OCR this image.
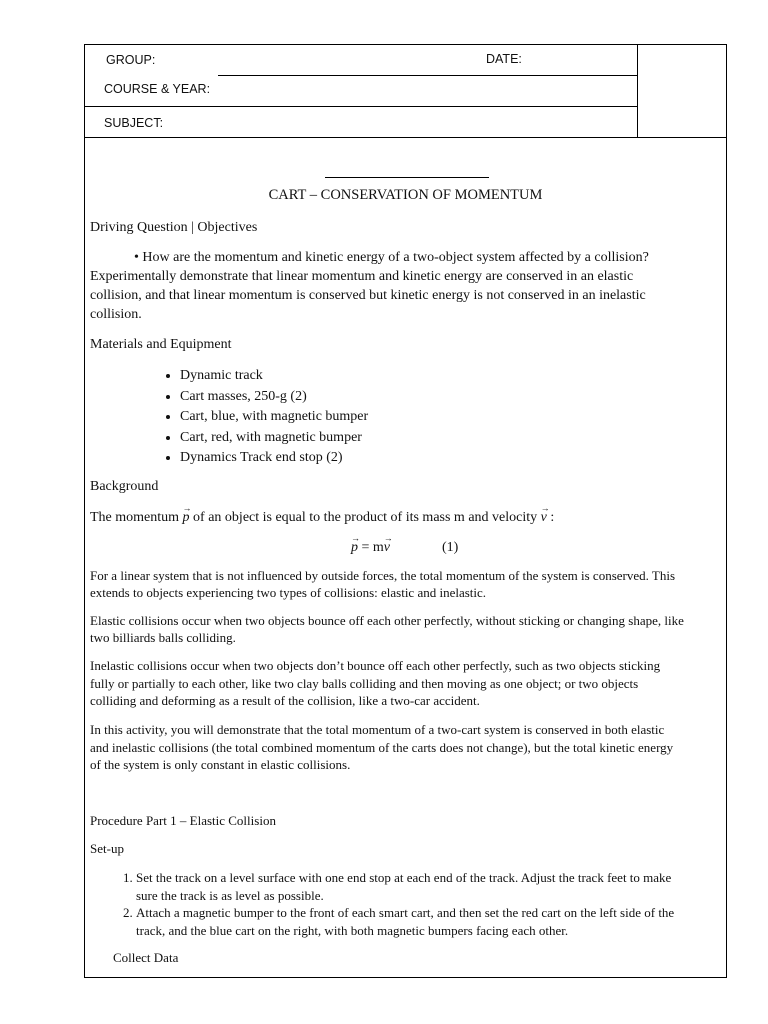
GROUP:	DATE:
COURSE & YEAR:
SUBJECT:
CART – CONSERVATION OF MOMENTUM
Driving Question | Objectives
• How are the momentum and kinetic energy of a two-object system affected by a collision?
Experimentally demonstrate that linear momentum and kinetic energy are conserved in an elastic
collision, and that linear momentum is conserved but kinetic energy is not conserved in an inelastic
collision.
Materials and Equipment
• Dynamic track
• Cart masses, 250-g (2)
• Cart, blue, with magnetic bumper
• Cart, red, with magnetic bumper
• Dynamics Track end stop (2)
Background
The momentum → p of an object is equal to the product of its mass m and velocity → v :
→ p = m→ v	(1)
For a linear system that is not influenced by outside forces, the total momentum of the system is conserved. This
extends to objects experiencing two types of collisions: elastic and inelastic.
Elastic collisions occur when two objects bounce off each other perfectly, without sticking or changing shape, like
two billiards balls colliding.
Inelastic collisions occur when two objects don’t bounce off each other perfectly, such as two objects sticking
fully or partially to each other, like two clay balls colliding and then moving as one object; or two objects
colliding and deforming as a result of the collision, like a two-car accident.
In this activity, you will demonstrate that the total momentum of a two-cart system is conserved in both elastic
and inelastic collisions (the total combined momentum of the carts does not change), but the total kinetic energy
of the system is only constant in elastic collisions.
Procedure Part 1 – Elastic Collision
Set-up
1. Set the track on a level surface with one end stop at each end of the track. Adjust the track feet to make
sure the track is as level as possible.
2. Attach a magnetic bumper to the front of each smart cart, and then set the red cart on the left side of the
track, and the blue cart on the right, with both magnetic bumpers facing each other.
Collect Data
